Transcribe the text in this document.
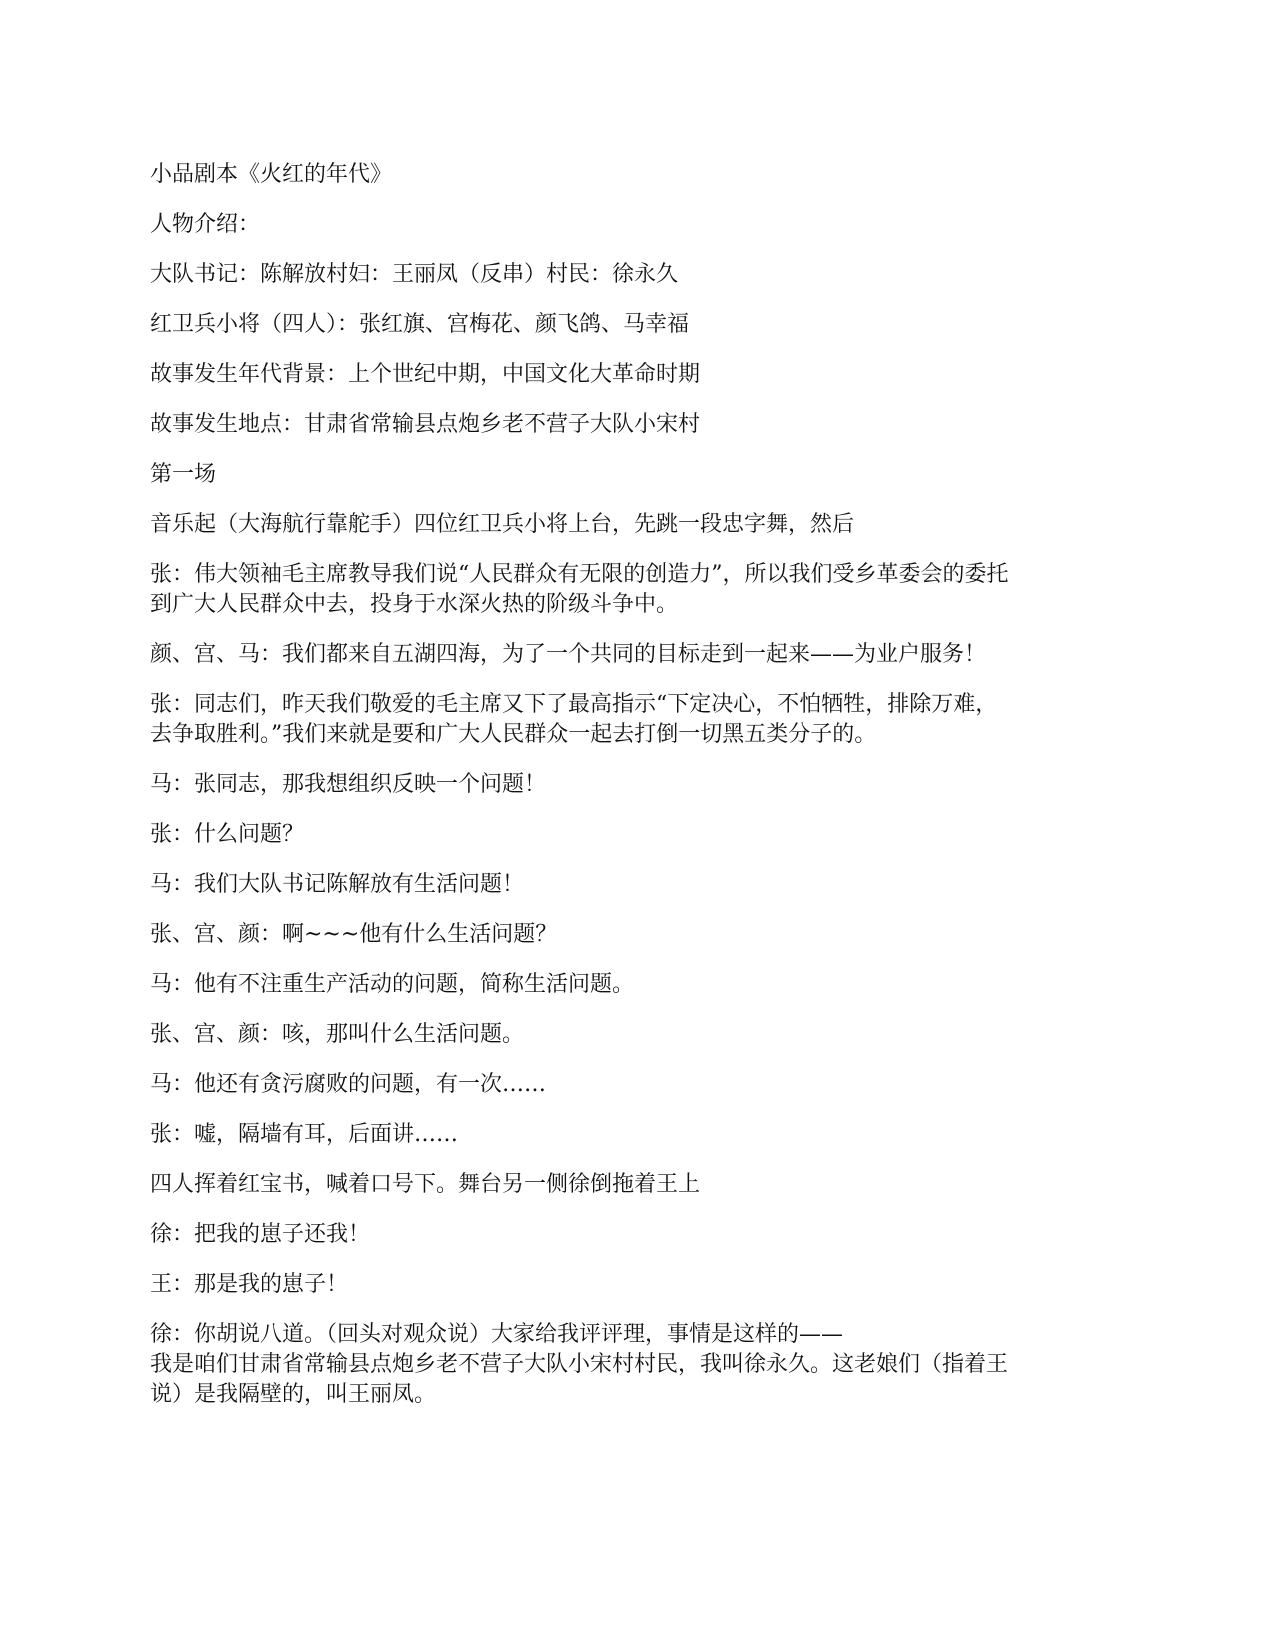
小品剧本《火红的年代》
人物介绍：
大队书记：陈解放村妇：王丽凤（反串）村民：徐永久
红卫兵小将（四人）：张红旗、宫梅花、颜飞鸽、马幸福
故事发生年代背景：上个世纪中期，中国文化大革命时期
故事发生地点：甘肃省常输县点炮乡老不营子大队小宋村
第一场
音乐起（大海航行靠舵手）四位红卫兵小将上台，先跳一段忠字舞，然后
张：伟大领袖毛主席教导我们说“人民群众有无限的创造力”，所以我们受乡革委会的委托
到广大人民群众中去，投身于水深火热的阶级斗争中。
颜、宫、马：我们都来自五湖四海，为了一个共同的目标走到一起来——为业户服务！
张：同志们，昨天我们敬爱的毛主席又下了最高指示“下定决心，不怕牺牲，排除万难，
去争取胜利。”我们来就是要和广大人民群众一起去打倒一切黑五类分子的。
马：张同志，那我想组织反映一个问题！
张：什么问题？
马：我们大队书记陈解放有生活问题！
张、宫、颜：啊~~~他有什么生活问题？
马：他有不注重生产活动的问题，简称生活问题。
张、宫、颜：咳，那叫什么生活问题。
马：他还有贪污腐败的问题，有一次……
张：嘘，隔墙有耳，后面讲……
四人挥着红宝书，喊着口号下。舞台另一侧徐倒拖着王上
徐：把我的崽子还我！
王：那是我的崽子！
徐：你胡说八道。（回头对观众说）大家给我评评理，事情是这样的——
我是咱们甘肃省常输县点炮乡老不营子大队小宋村村民，我叫徐永久。这老娘们（指着王
说）是我隔壁的，叫王丽凤。
